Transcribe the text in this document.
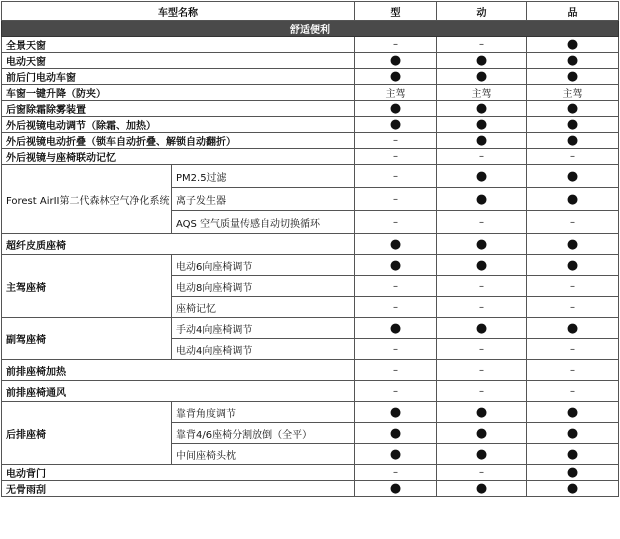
车型名称		型	动	品
舒适便利				
全景天窗		–	–	●
电动天窗		●	●	●
前后门电动车窗		●	●	●
车窗一键升降（防夹）		主驾	主驾	主驾
后窗除霜除雾装置		●	●	●
外后视镜电动调节（除霜、加热）		●	●	●
外后视镜电动折叠（锁车自动折叠、解锁自动翻折）		–	●	●
外后视镜与座椅联动记忆		–	–	–
Forest AirII第二代森林空气净化系统	PM2.5过滤	–	●	●
	离子发生器	–	●	●
	AQS 空气质量传感自动切换循环	–	–	–
超纤皮质座椅		●	●	●
主驾座椅	电动6向座椅调节	●	●	●
	电动8向座椅调节	–	–	–
	座椅记忆	–	–	–
副驾座椅	手动4向座椅调节	●	●	●
	电动4向座椅调节	–	–	–
前排座椅加热		–	–	–
前排座椅通风		–	–	–
后排座椅	靠背角度调节	●	●	●
	靠背4/6座椅分割放倒（全平）	●	●	●
	中间座椅头枕	●	●	●
电动背门		–	–	●
无骨雨刮		●	●	●
